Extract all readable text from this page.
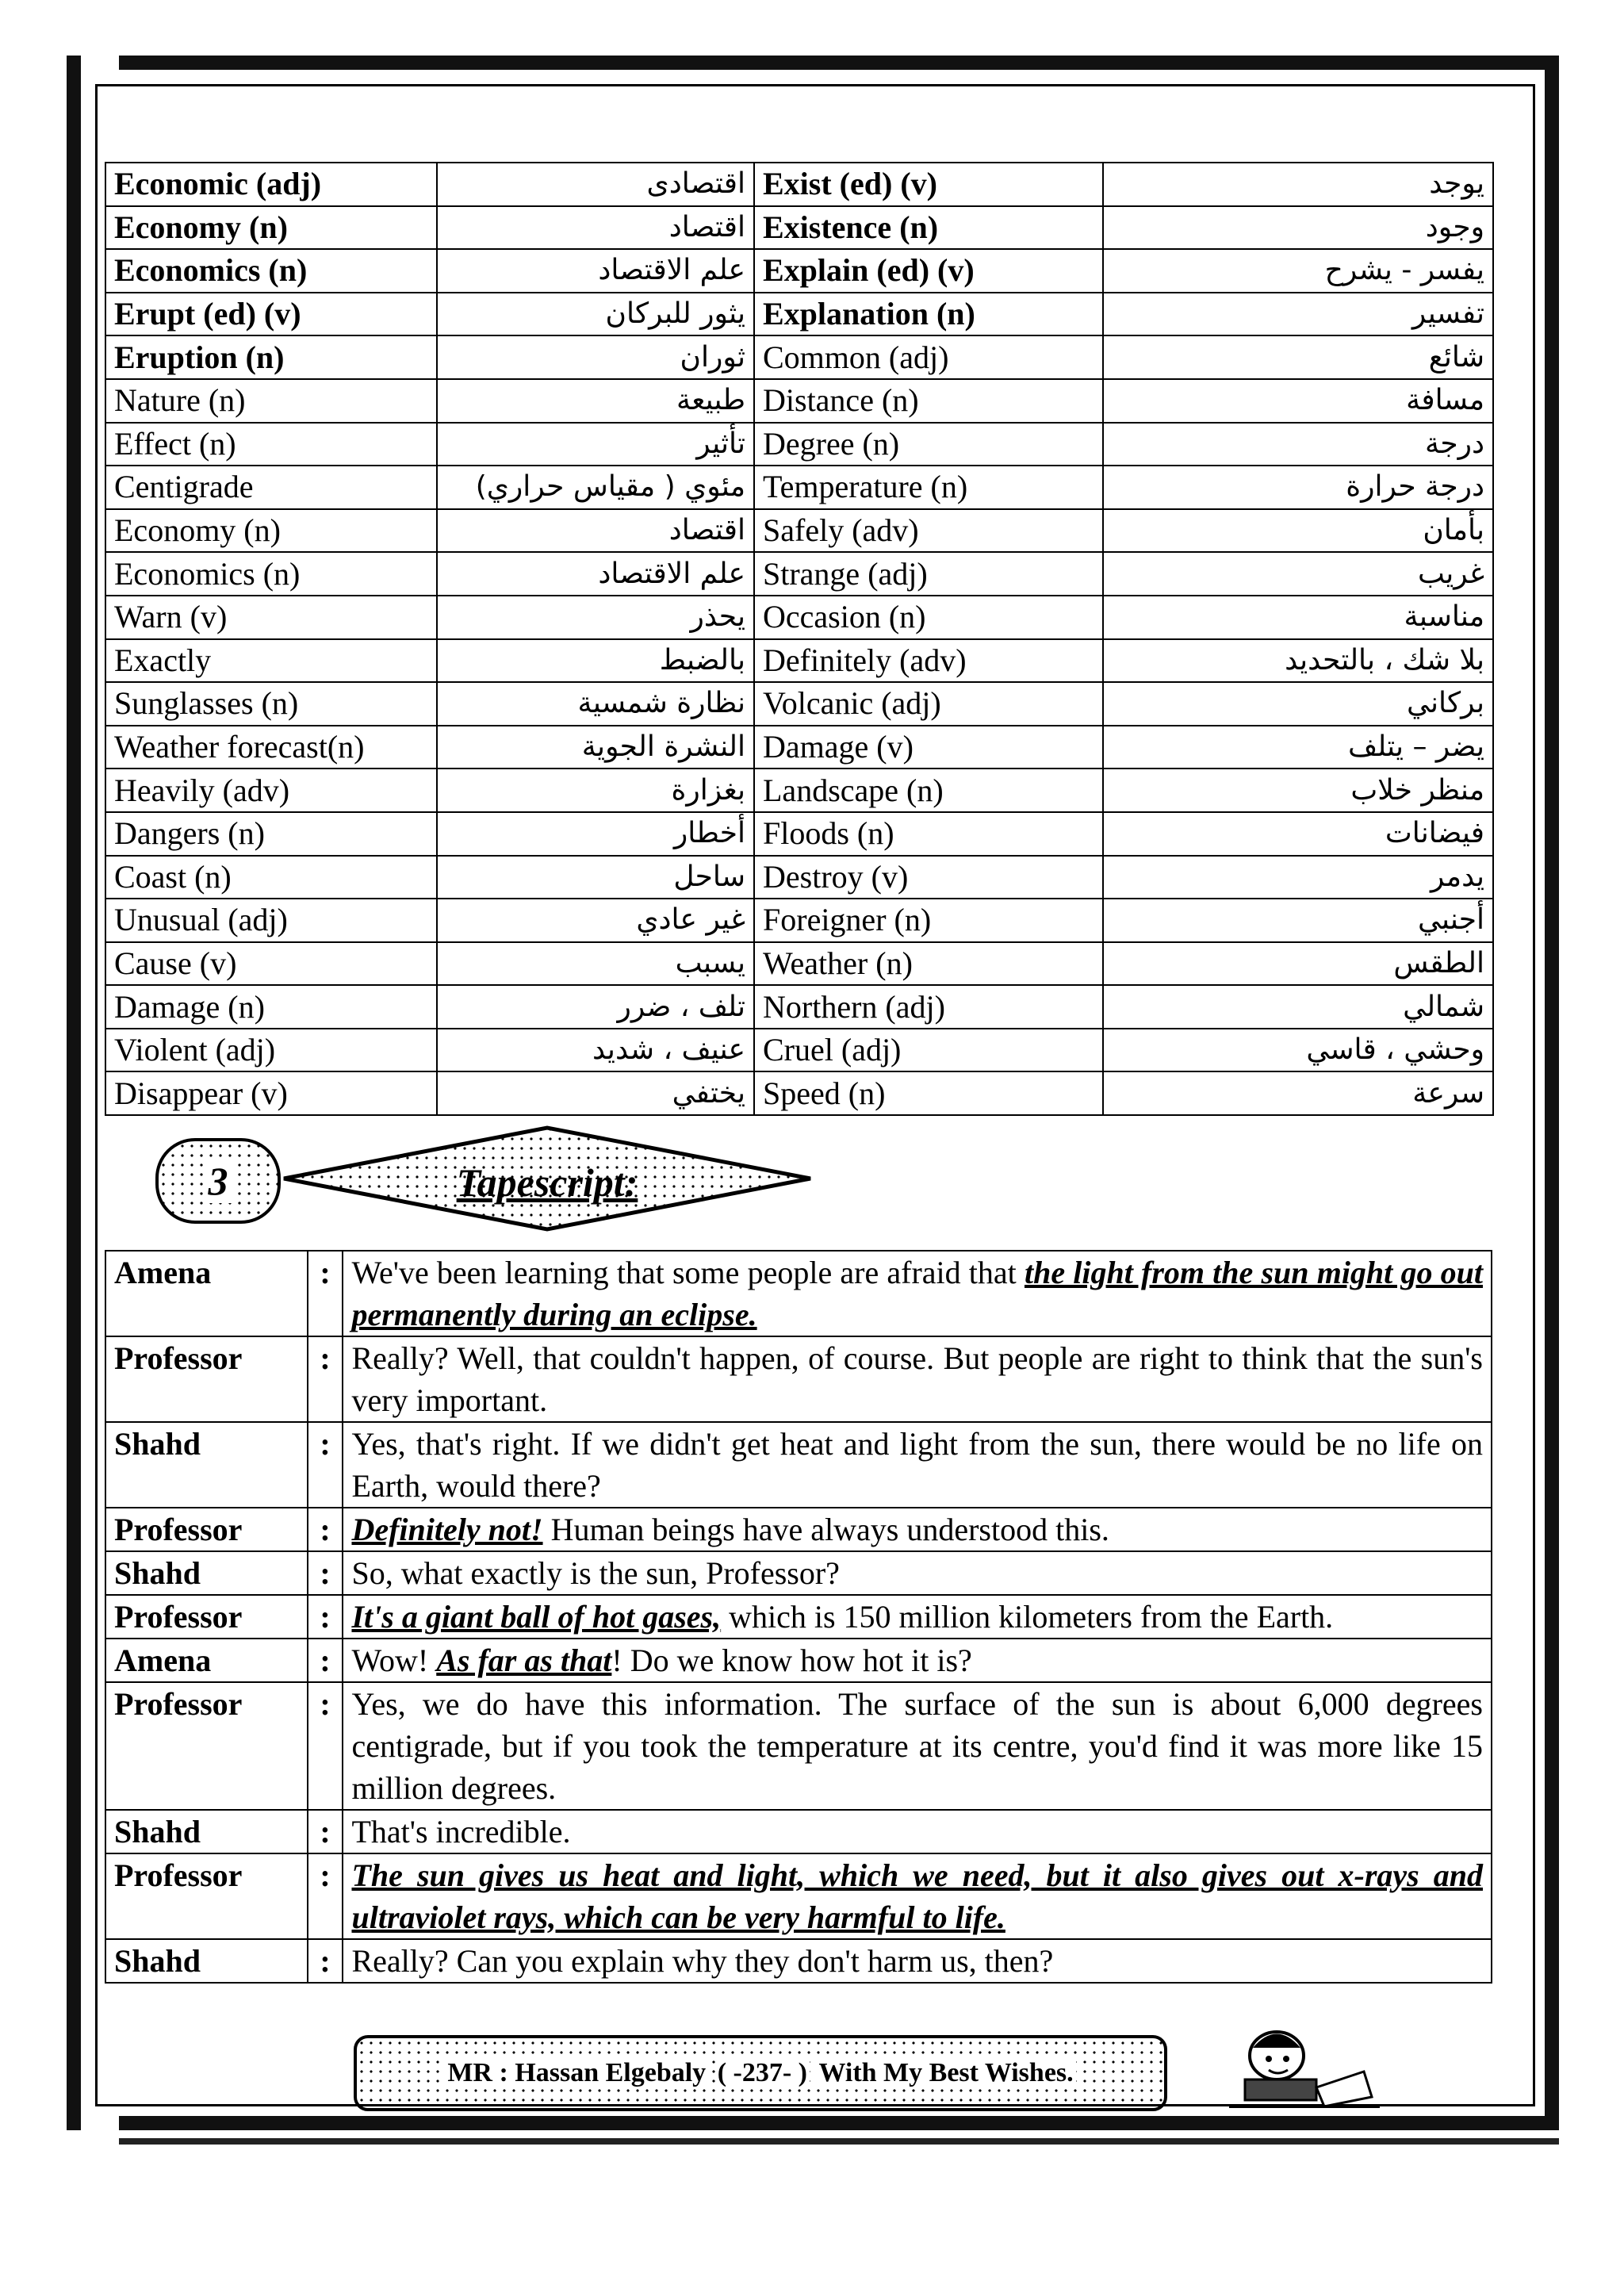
Economic (adj)	اقتصادى	Exist (ed) (v)	يوجد
Economy (n)	اقتصاد	Existence (n)	وجود
Economics (n)	علم الاقتصاد	Explain (ed) (v)	يفسر - يشرح
Erupt (ed) (v)	يثور للبركان	Explanation (n)	تفسير
Eruption (n)	ثوران	Common (adj)	شائع
Nature (n)	طبيعة	Distance (n)	مسافة
Effect (n)	تأثير	Degree (n)	درجة
Centigrade	مئوي ( مقياس حراري)	Temperature (n)	درجة حرارة
Economy (n)	اقتصاد	Safely (adv)	بأمان
Economics (n)	علم الاقتصاد	Strange (adj)	غريب
Warn (v)	يحذر	Occasion (n)	مناسبة
Exactly	بالضبط	Definitely (adv)	بلا شك ، بالتحديد
Sunglasses (n)	نظارة شمسية	Volcanic (adj)	بركاني
Weather forecast(n)	النشرة الجوية	Damage (v)	يضر – يتلف
Heavily (adv)	بغزارة	Landscape (n)	منظر خلاب
Dangers (n)	أخطار	Floods (n)	فيضانات
Coast (n)	ساحل	Destroy (v)	يدمر
Unusual (adj)	غير عادي	Foreigner (n)	أجنبي
Cause (v)	يسبب	Weather (n)	الطقس
Damage (n)	تلف ، ضرر	Northern (adj)	شمالي
Violent (adj)	عنيف ، شديد	Cruel (adj)	وحشي ، قاسي
Disappear (v)	يختفي	Speed (n)	سرعة
3	Tapescript:
Amena	:	We've been learning that some people are afraid that the light from the sun might go out permanently during an eclipse.
Professor	:	Really? Well, that couldn't happen, of course. But people are right to think that the sun's very important.
Shahd	:	Yes, that's right. If we didn't get heat and light from the sun, there would be no life on Earth, would there?
Professor	:	Definitely not! Human beings have always understood this.
Shahd	:	So, what exactly is the sun, Professor?
Professor	:	It's a giant ball of hot gases, which is 150 million kilometers from the Earth.
Amena	:	Wow! As far as that! Do we know how hot it is?
Professor	:	Yes, we do have this information. The surface of the sun is about 6,000 degrees centigrade, but if you took the temperature at its centre, you'd find it was more like 15 million degrees.
Shahd	:	That's incredible.
Professor	:	The sun gives us heat and light, which we need, but it also gives out x-rays and ultraviolet rays, which can be very harmful to life.
Shahd	:	Really? Can you explain why they don't harm us, then?
MR : Hassan Elgebaly ( -237- ) With My Best Wishes.
